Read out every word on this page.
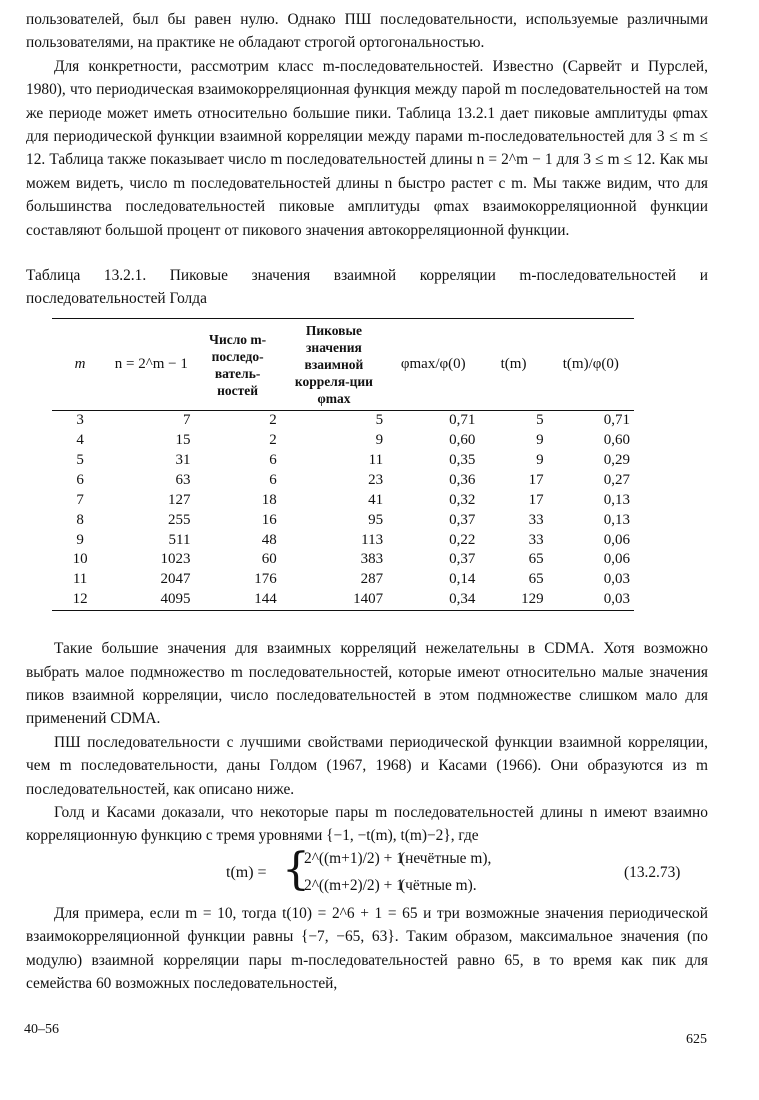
пользователей, был бы равен нулю. Однако ПШ последовательности, используемые различными пользователями, на практике не обладают строгой ортогональностью.

Для конкретности, рассмотрим класс m-последовательностей. Известно (Сарвейт и Пурслей, 1980), что периодическая взаимокорреляционная функция между парой m последовательностей на том же периоде может иметь относительно большие пики. Таблица 13.2.1 дает пиковые амплитуды φmax для периодической функции взаимной корреляции между парами m-последовательностей для 3 ≤ m ≤ 12. Таблица также показывает число m последовательностей длины n = 2^m − 1 для 3 ≤ m ≤ 12. Как мы можем видеть, число m последовательностей длины n быстро растет с m. Мы также видим, что для большинства последовательностей пиковые амплитуды φmax взаимокорреляционной функции составляют большой процент от пикового значения автокорреляционной функции.

Таблица 13.2.1. Пиковые значения взаимной корреляции m-последовательностей и последовательностей Голда

m	n = 2^m − 1	Число m-последо-ватель-ностей	Пиковые значения взаимной корреля-ции φmax	φmax/φ(0)	t(m)	t(m)/φ(0)
3	7	2	5	0,71	5	0,71
4	15	2	9	0,60	9	0,60
5	31	6	11	0,35	9	0,29
6	63	6	23	0,36	17	0,27
7	127	18	41	0,32	17	0,13
8	255	16	95	0,37	33	0,13
9	511	48	113	0,22	33	0,06
10	1023	60	383	0,37	65	0,06
11	2047	176	287	0,14	65	0,03
12	4095	144	1407	0,34	129	0,03

Такие большие значения для взаимных корреляций нежелательны в CDMA. Хотя возможно выбрать малое подмножество m последовательностей, которые имеют относительно малые значения пиков взаимной корреляции, число последовательностей в этом подмножестве слишком мало для применений CDMA.

ПШ последовательности с лучшими свойствами периодической функции взаимной корреляции, чем m последовательности, даны Голдом (1967, 1968) и Касами (1966). Они образуются из m последовательностей, как описано ниже.

Голд и Касами доказали, что некоторые пары m последовательностей длины n имеют взаимно корреляционную функцию с тремя уровнями {−1, −t(m), t(m)−2}, где

t(m) = {
2^((m+1)/2) + 1
(нечётные m),
2^((m+2)/2) + 1
(чётные m).
(13.2.73)

Для примера, если m = 10, тогда t(10) = 2^6 + 1 = 65 и три возможные значения периодической взаимокорреляционной функции равны {−7, −65, 63}. Таким образом, максимальное значения (по модулю) взаимной корреляции пары m-последовательностей равно 65, в то время как пик для семейства 60 возможных последовательностей,

40–56
625
